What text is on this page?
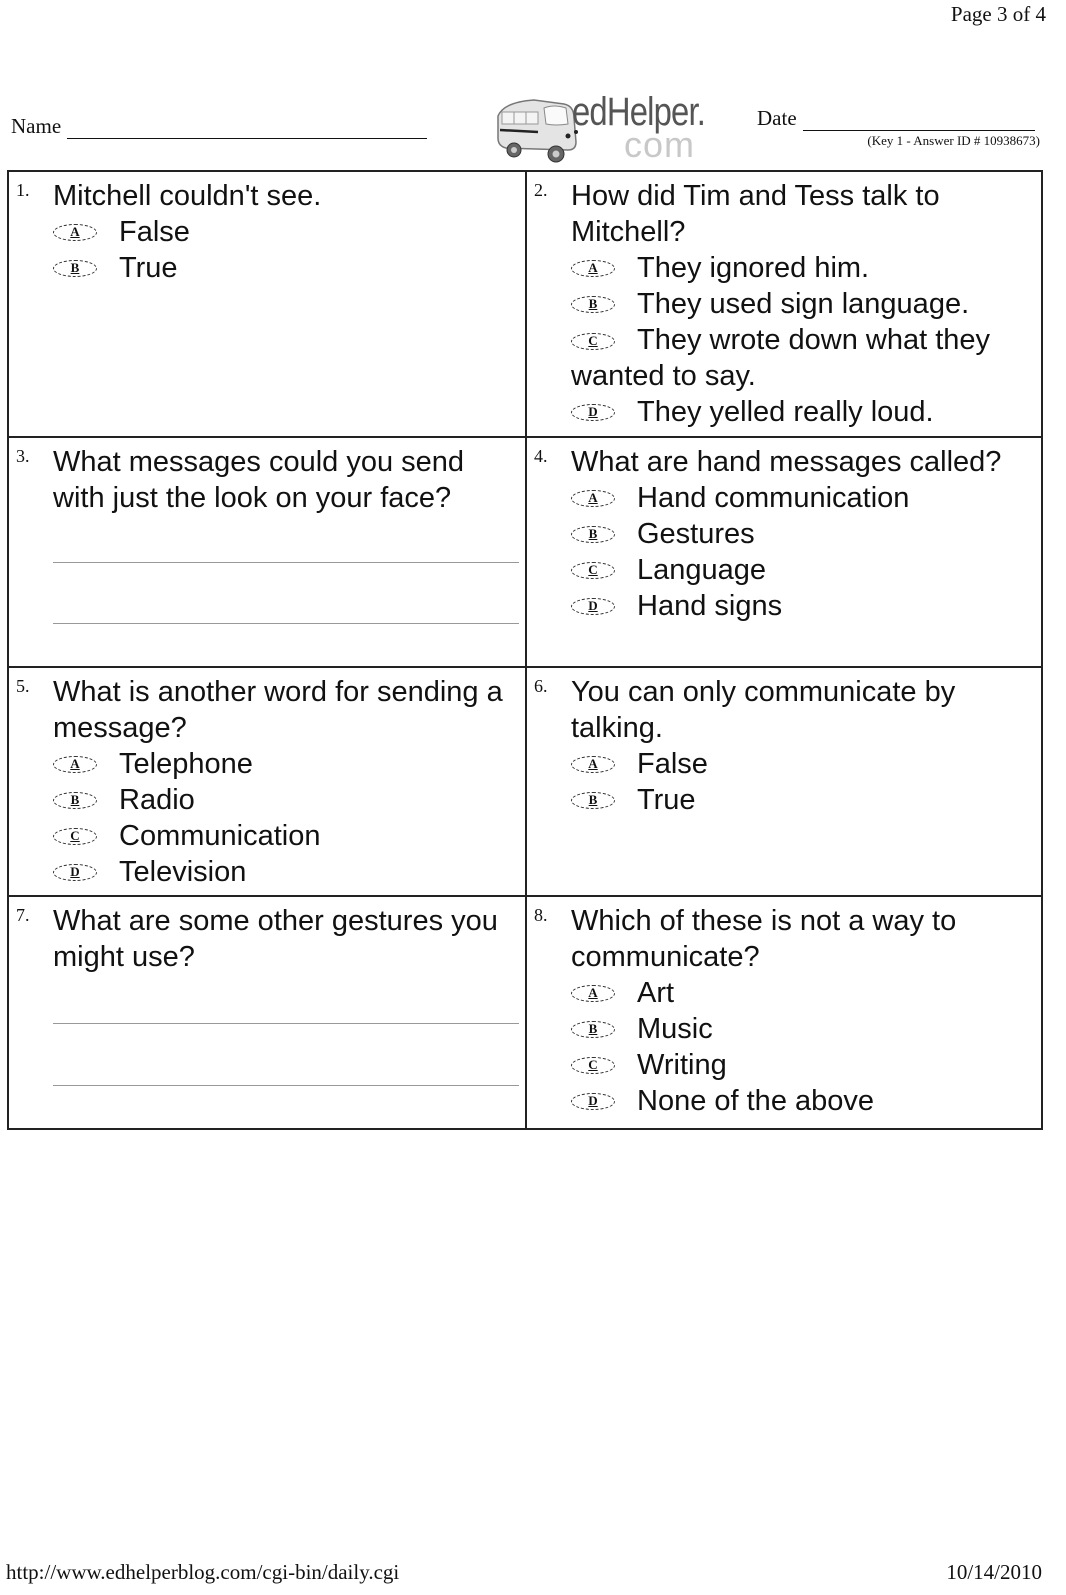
Page 3 of 4
Name	edHelper.
com
Date
(Key 1 - Answer ID # 10938673)
1. Mitchell couldn't see.

A	False
B	True
2. How did Tim and Tess talk to Mitchell?

A	They ignored him.
B	They used sign language.
C They wrote down what they wanted to say.
D	They yelled really loud.
3. What messages could you send with just the look on your face?

4. What are hand messages called?

A	Hand communication
B	Gestures
C	Language
D	Hand signs
5. What is another word for sending a message?

A	Telephone
B	Radio
C	Communication
D	Television
6. You can only communicate by talking.

A	False
B	True
7. What are some other gestures you might use?

8. Which of these is not a way to communicate?

A	Art
B	Music
C	Writing
D	None of the above
http://www.edhelperblog.com/cgi-bin/daily.cgi	10/14/2010
